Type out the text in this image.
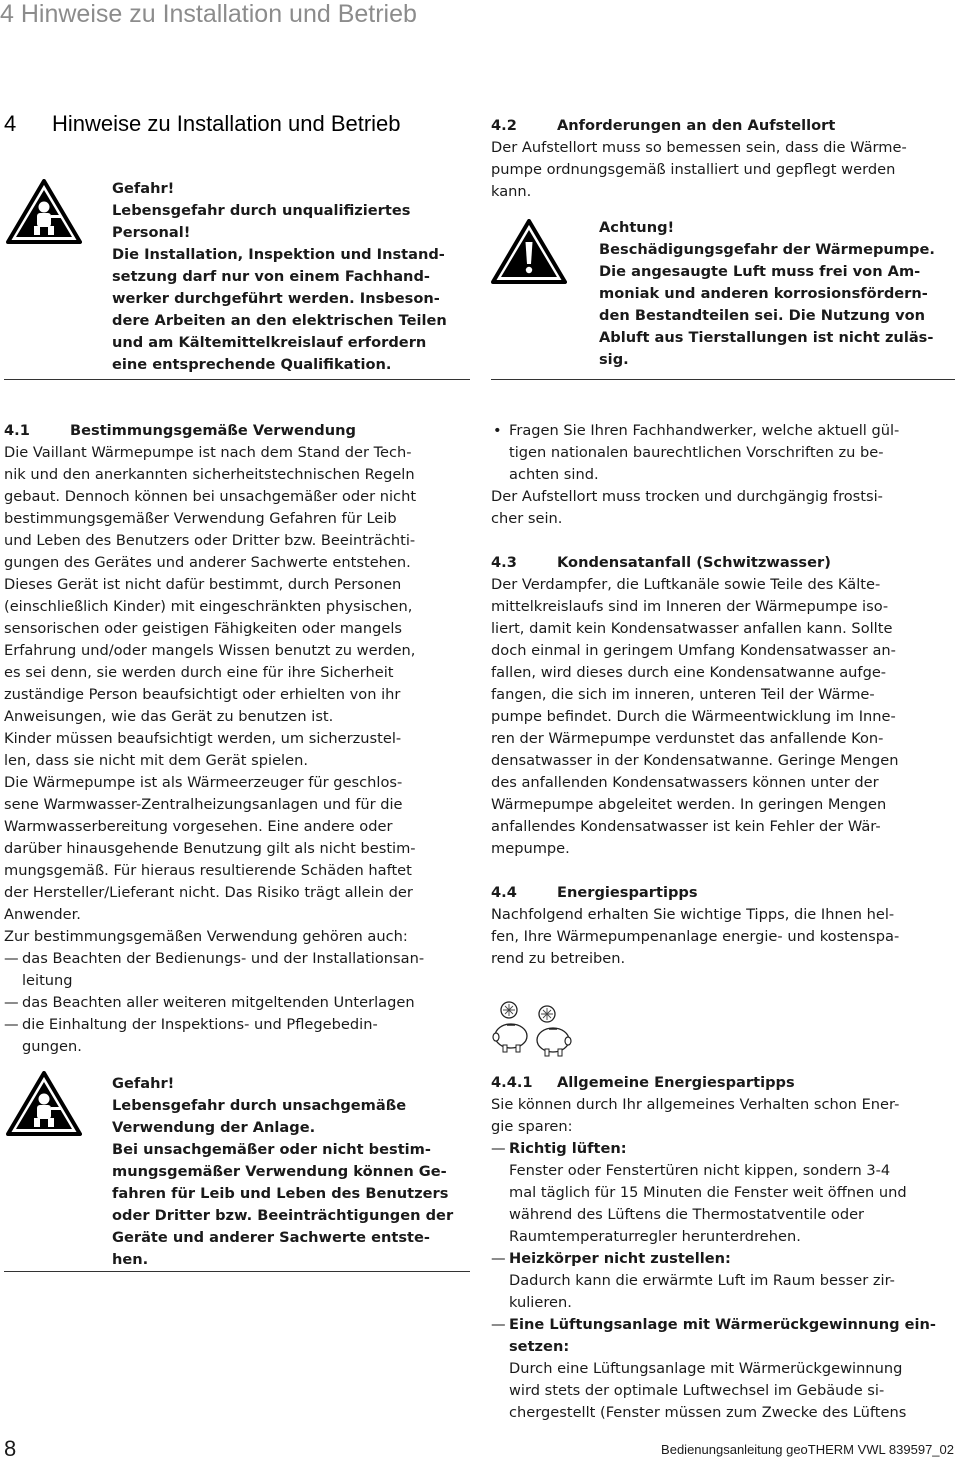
4 Hinweise zu Installation und Betrieb
4 Hinweise zu Installation und Betrieb

Gefahr!

Lebensgefahr durch unqualifiziertes
Personal!
Die Installation, Inspektion und Instand-
setzung darf nur von einem Fachhand-
werker durchgeführt werden. Insbeson-
dere Arbeiten an den elektrischen Teilen
und am Kältemittelkreislauf erfordern
eine entsprechende Qualifikation.

4.2	Anforderungen an den Aufstellort

Der Aufstellort muss so bemessen sein, dass die Wärme-
pumpe ordnungsgemäß installiert und gepflegt werden
kann.

Achtung!

Beschädigungsgefahr der Wärmepumpe.
Die angesaugte Luft muss frei von Am-
moniak und anderen korrosionsfördern-
den Bestandteilen sei. Die Nutzung von
Abluft aus Tierstallungen ist nicht zuläs-
sig.

4.1	Bestimmungsgemäße Verwendung

Die Vaillant Wärmepumpe ist nach dem Stand der Tech-
nik und den anerkannten sicherheitstechnischen Regeln
gebaut. Dennoch können bei unsachgemäßer oder nicht
bestimmungsgemäßer Verwendung Gefahren für Leib
und Leben des Benutzers oder Dritter bzw. Beeinträchti-
gungen des Gerätes und anderer Sachwerte entstehen.

Dieses Gerät ist nicht dafür bestimmt, durch Personen
(einschließlich Kinder) mit eingeschränkten physischen,
sensorischen oder geistigen Fähigkeiten oder mangels
Erfahrung und/oder mangels Wissen benutzt zu werden,
es sei denn, sie werden durch eine für ihre Sicherheit
zuständige Person beaufsichtigt oder erhielten von ihr
Anweisungen, wie das Gerät zu benutzen ist.

Kinder müssen beaufsichtigt werden, um sicherzustel-
len, dass sie nicht mit dem Gerät spielen.

Die Wärmepumpe ist als Wärmeerzeuger für geschlos-
sene Warmwasser-Zentralheizungsanlagen und für die
Warmwasserbereitung vorgesehen. Eine andere oder
darüber hinausgehende Benutzung gilt als nicht bestim-
mungsgemäß. Für hieraus resultierende Schäden haftet
der Hersteller/Lieferant nicht. Das Risiko trägt allein der
Anwender.

Zur bestimmungsgemäßen Verwendung gehören auch:

— das Beachten der Bedienungs- und der Installationsan-
leitung
— das Beachten aller weiteren mitgeltenden Unterlagen
— die Einhaltung der Inspektions- und Pflegebedin-
gungen.

Gefahr!

Lebensgefahr durch unsachgemäße
Verwendung der Anlage.
Bei unsachgemäßer oder nicht bestim-
mungsgemäßer Verwendung können Ge-
fahren für Leib und Leben des Benutzers
oder Dritter bzw. Beeinträchtigungen der
Geräte und anderer Sachwerte entste-
hen.

• Fragen Sie Ihren Fachhandwerker, welche aktuell gül-
tigen nationalen baurechtlichen Vorschriften zu be-
achten sind.

Der Aufstellort muss trocken und durchgängig frostsi-
cher sein.

4.3	Kondensatanfall (Schwitzwasser)

Der Verdampfer, die Luftkanäle sowie Teile des Kälte-
mittelkreislaufs sind im Inneren der Wärmepumpe iso-
liert, damit kein Kondensatwasser anfallen kann. Sollte
doch einmal in geringem Umfang Kondensatwasser an-
fallen, wird dieses durch eine Kondensatwanne aufge-
fangen, die sich im inneren, unteren Teil der Wärme-
pumpe befindet. Durch die Wärmeentwicklung im Inne-
ren der Wärmepumpe verdunstet das anfallende Kon-
densatwasser in der Kondensatwanne. Geringe Mengen
des anfallenden Kondensatwassers können unter der
Wärmepumpe abgeleitet werden. In geringen Mengen
anfallendes Kondensatwasser ist kein Fehler der Wär-
mepumpe.

4.4	Energiespartipps

Nachfolgend erhalten Sie wichtige Tipps, die Ihnen hel-
fen, Ihre Wärmepumpenanlage energie- und kostenspa-
rend zu betreiben.

4.4.1 Allgemeine Energiespartipps

Sie können durch Ihr allgemeines Verhalten schon Ener-
gie sparen:

— Richtig lüften:

Fenster oder Fenstertüren nicht kippen, sondern 3-4
mal täglich für 15 Minuten die Fenster weit öffnen und
während des Lüftens die Thermostatventile oder
Raumtemperaturregler herunterdrehen.

— Heizkörper nicht zustellen:

Dadurch kann die erwärmte Luft im Raum besser zir-
kulieren.

— Eine Lüftungsanlage mit Wärmerückgewinnung ein-
setzen:

Durch eine Lüftungsanlage mit Wärmerückgewinnung
wird stets der optimale Luftwechsel im Gebäude si-
chergestellt (Fenster müssen zum Zwecke des Lüftens

8	Bedienungsanleitung geoTHERM VWL 839597_02
